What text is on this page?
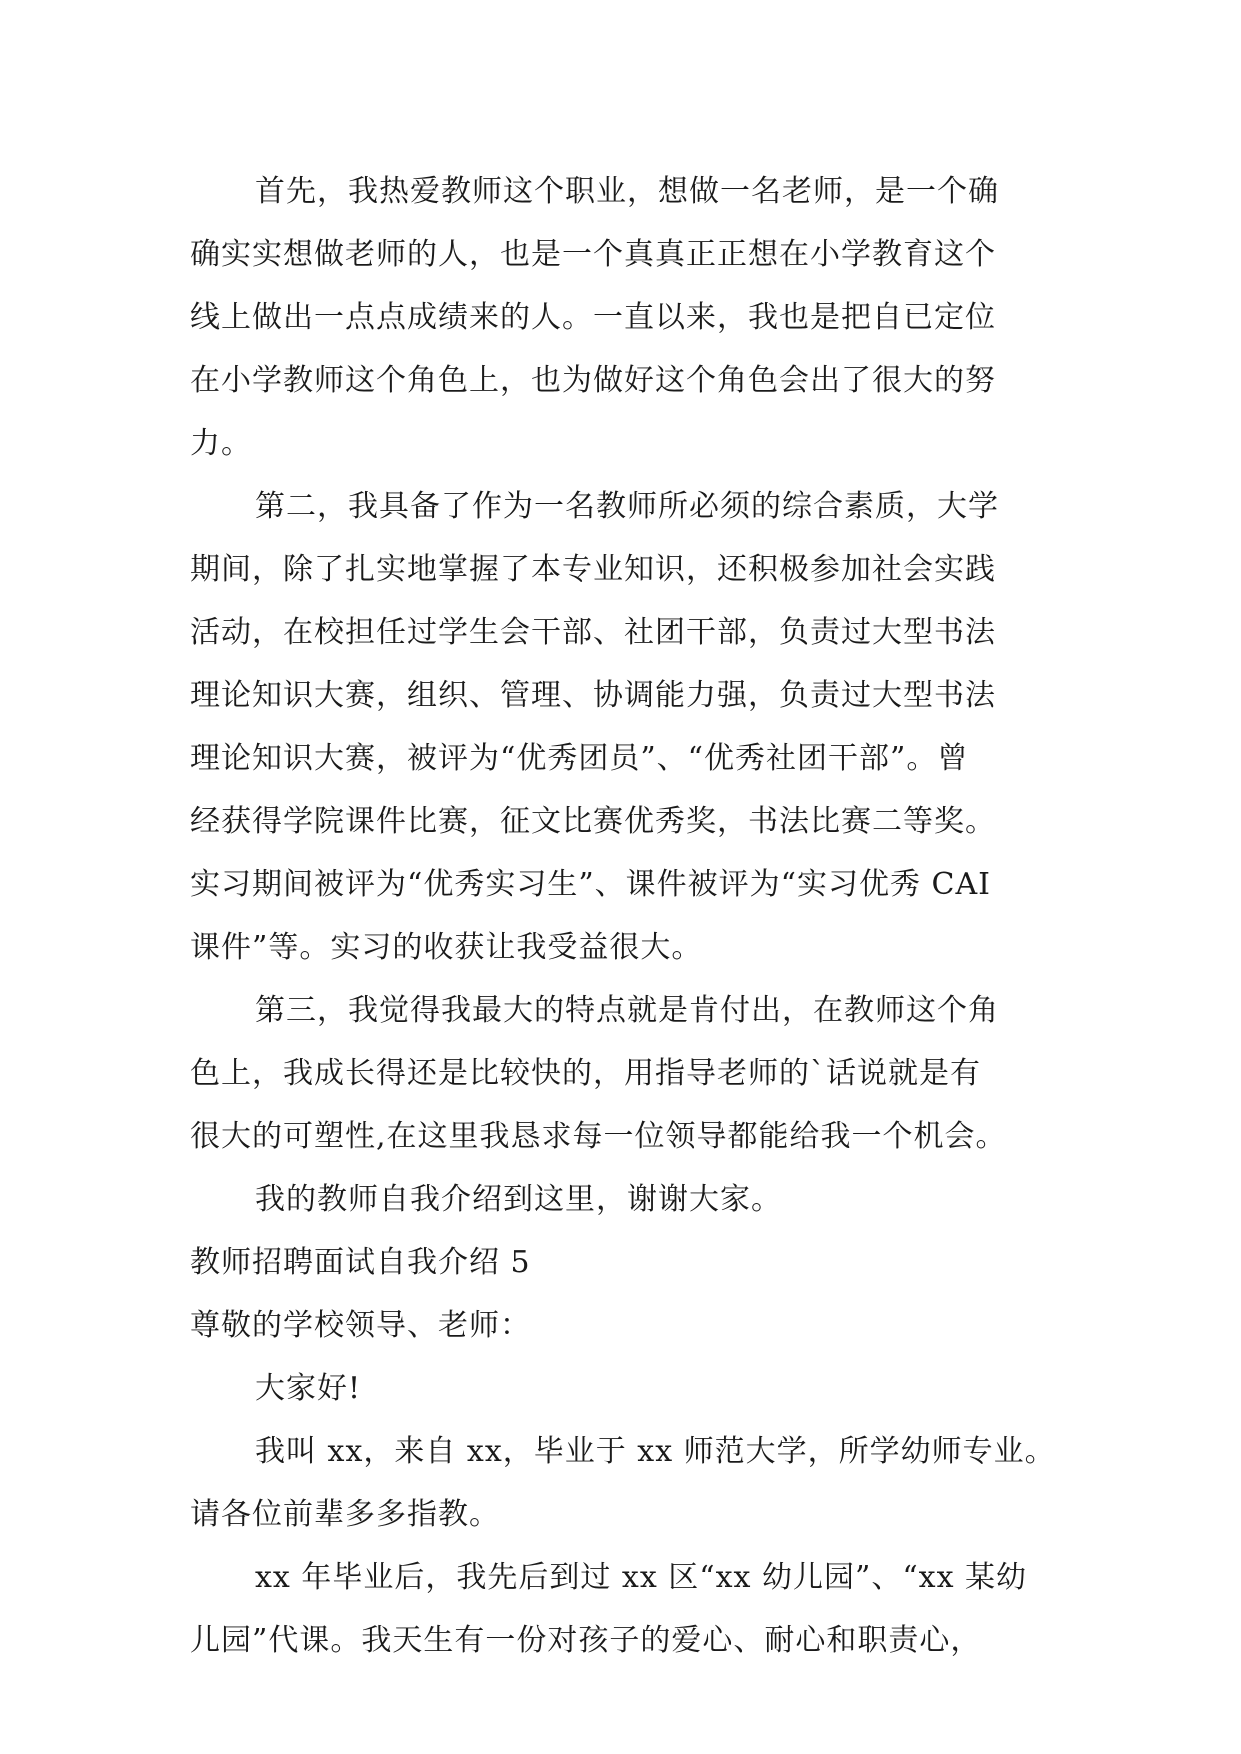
首先，我热爱教师这个职业，想做一名老师，是一个确
确实实想做老师的人，也是一个真真正正想在小学教育这个
线上做出一点点成绩来的人。一直以来，我也是把自已定位
在小学教师这个角色上，也为做好这个角色会出了很大的努
力。
第二，我具备了作为一名教师所必须的综合素质，大学
期间，除了扎实地掌握了本专业知识，还积极参加社会实践
活动，在校担任过学生会干部、社团干部，负责过大型书法
理论知识大赛，组织、管理、协调能力强，负责过大型书法
理论知识大赛，被评为“优秀团员”、“优秀社团干部”。曾
经获得学院课件比赛，征文比赛优秀奖，书法比赛二等奖。
实习期间被评为“优秀实习生”、课件被评为“实习优秀 CAI
课件”等。实习的收获让我受益很大。
第三，我觉得我最大的特点就是肯付出，在教师这个角
色上，我成长得还是比较快的，用指导老师的`话说就是有
很大的可塑性,在这里我恳求每一位领导都能给我一个机会。
我的教师自我介绍到这里，谢谢大家。
教师招聘面试自我介绍 5
尊敬的学校领导、老师：
大家好!
我叫 xx，来自 xx，毕业于 xx 师范大学，所学幼师专业。
请各位前辈多多指教。
xx 年毕业后，我先后到过 xx 区“xx 幼儿园”、“xx 某幼
儿园”代课。我天生有一份对孩子的爱心、耐心和职责心，
